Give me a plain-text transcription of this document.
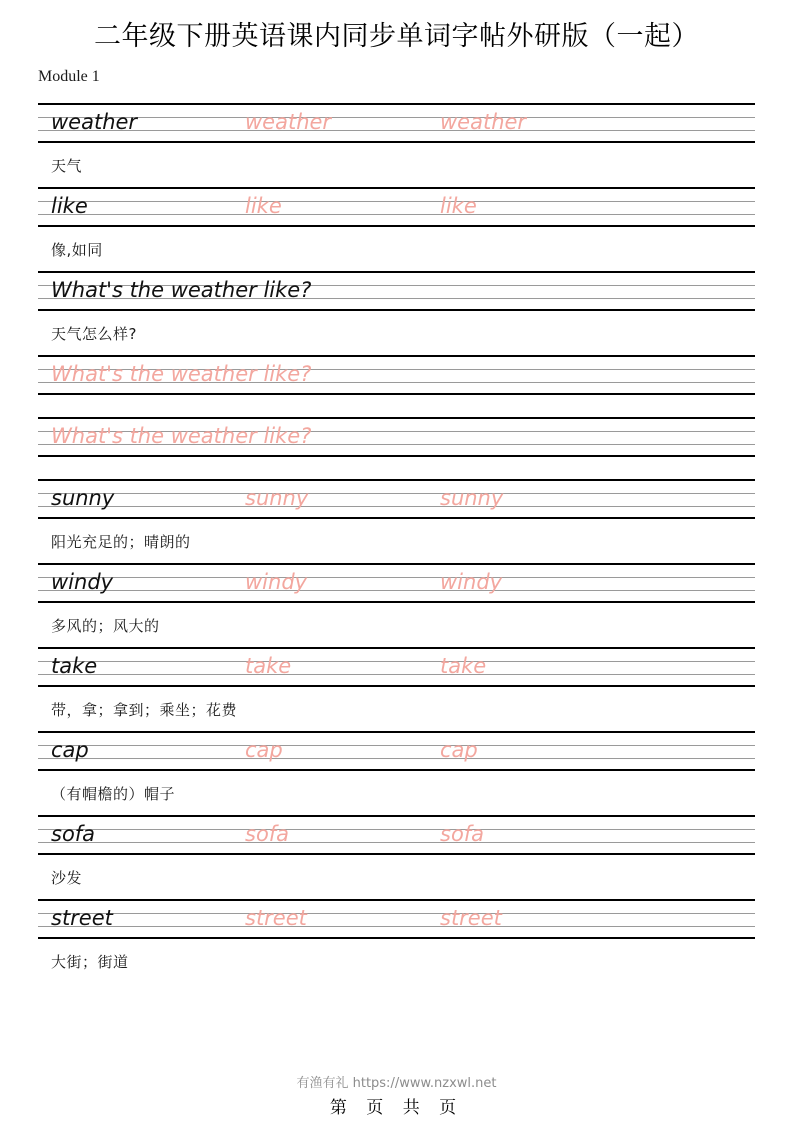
二年级下册英语课内同步单词字帖外研版（一起）
Module 1
weather	weather	weather
天气
like	like	like
像,如同
What's the weather like?
天气怎么样?
What's the weather like?
What's the weather like?
sunny	sunny	sunny
阳光充足的；晴朗的
windy	windy	windy
多风的；风大的
take	take	take
带，拿；拿到；乘坐；花费
cap	cap	cap
（有帽檐的）帽子
sofa	sofa	sofa
沙发
street	street	street
大街；街道
有渔有礼 https://www.nzxwl.net
第 页 共 页
